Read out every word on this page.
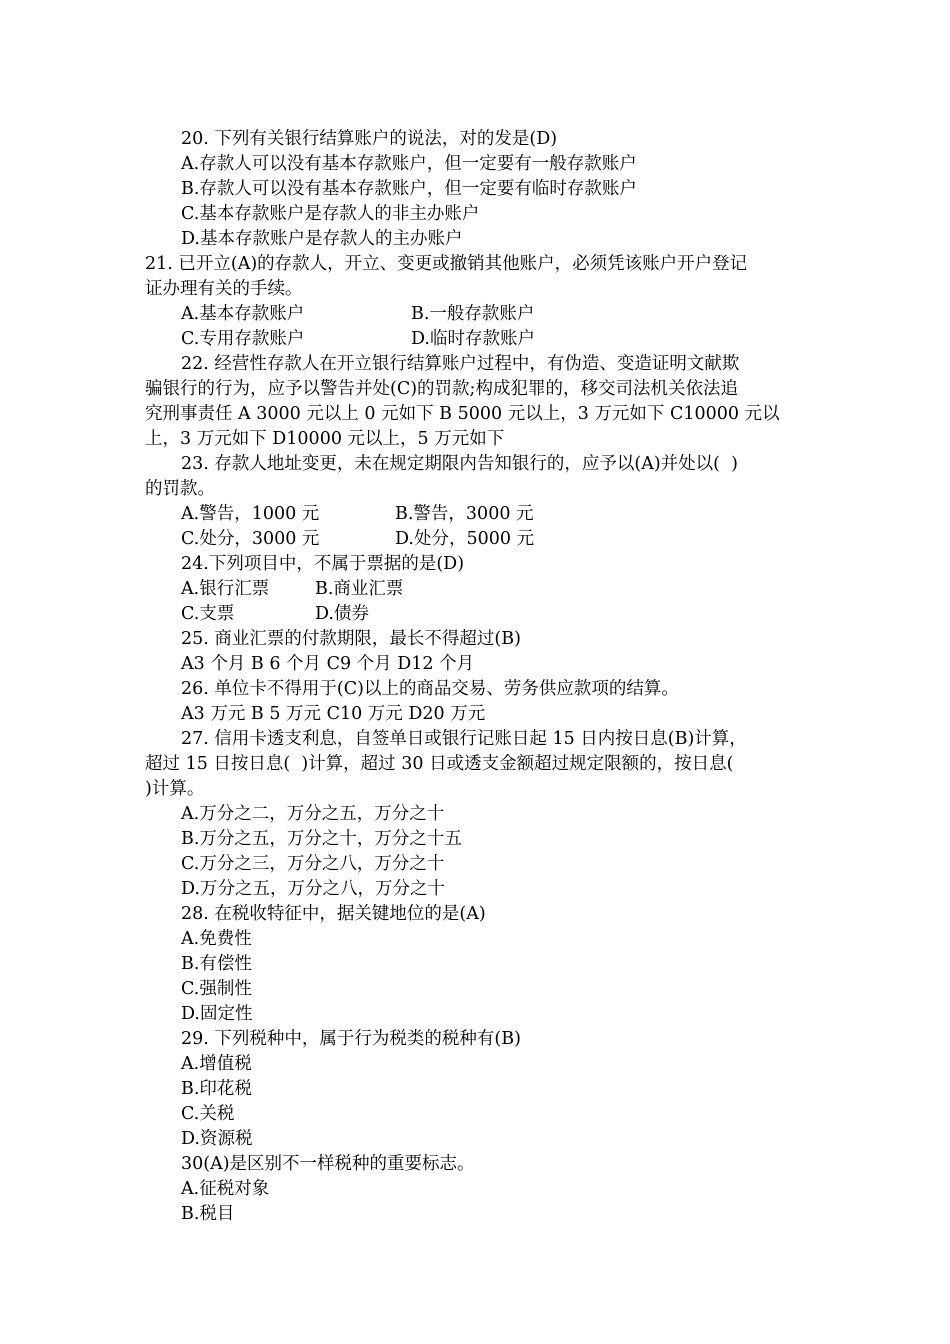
20. 下列有关银行结算账户的说法，对的发是(D)
A.存款人可以没有基本存款账户，但一定要有一般存款账户
B.存款人可以没有基本存款账户，但一定要有临时存款账户
C.基本存款账户是存款人的非主办账户
D.基本存款账户是存款人的主办账户
21. 已开立(A)的存款人，开立、变更或撤销其他账户，必须凭该账户开户登记
证办理有关的手续。
A.基本存款账户	B.一般存款账户
C.专用存款账户	D.临时存款账户
22. 经营性存款人在开立银行结算账户过程中，有伪造、变造证明文献欺
骗银行的行为，应予以警告并处(C)的罚款;构成犯罪的，移交司法机关依法追
究刑事责任 A 3000 元以上 0 元如下 B 5000 元以上，3 万元如下 C10000 元以
上，3 万元如下 D10000 元以上，5 万元如下
23. 存款人地址变更，未在规定期限内告知银行的，应予以(A)并处以(  )
的罚款。
A.警告，1000 元	B.警告，3000 元
C.处分，3000 元	D.处分，5000 元
24.下列项目中，不属于票据的是(D)
A.银行汇票	B.商业汇票
C.支票	D.债券
25. 商业汇票的付款期限，最长不得超过(B)
A3 个月 B 6 个月 C9 个月 D12 个月
26. 单位卡不得用于(C)以上的商品交易、劳务供应款项的结算。
A3 万元 B 5 万元 C10 万元 D20 万元
27. 信用卡透支利息，自签单日或银行记账日起 15 日内按日息(B)计算，
超过 15 日按日息(  )计算，超过 30 日或透支金额超过规定限额的，按日息(
)计算。
A.万分之二，万分之五，万分之十
B.万分之五，万分之十，万分之十五
C.万分之三，万分之八，万分之十
D.万分之五，万分之八，万分之十
28. 在税收特征中，据关键地位的是(A)
A.免费性
B.有偿性
C.强制性
D.固定性
29. 下列税种中，属于行为税类的税种有(B)
A.增值税
B.印花税
C.关税
D.资源税
30(A)是区别不一样税种的重要标志。
A.征税对象
B.税目
